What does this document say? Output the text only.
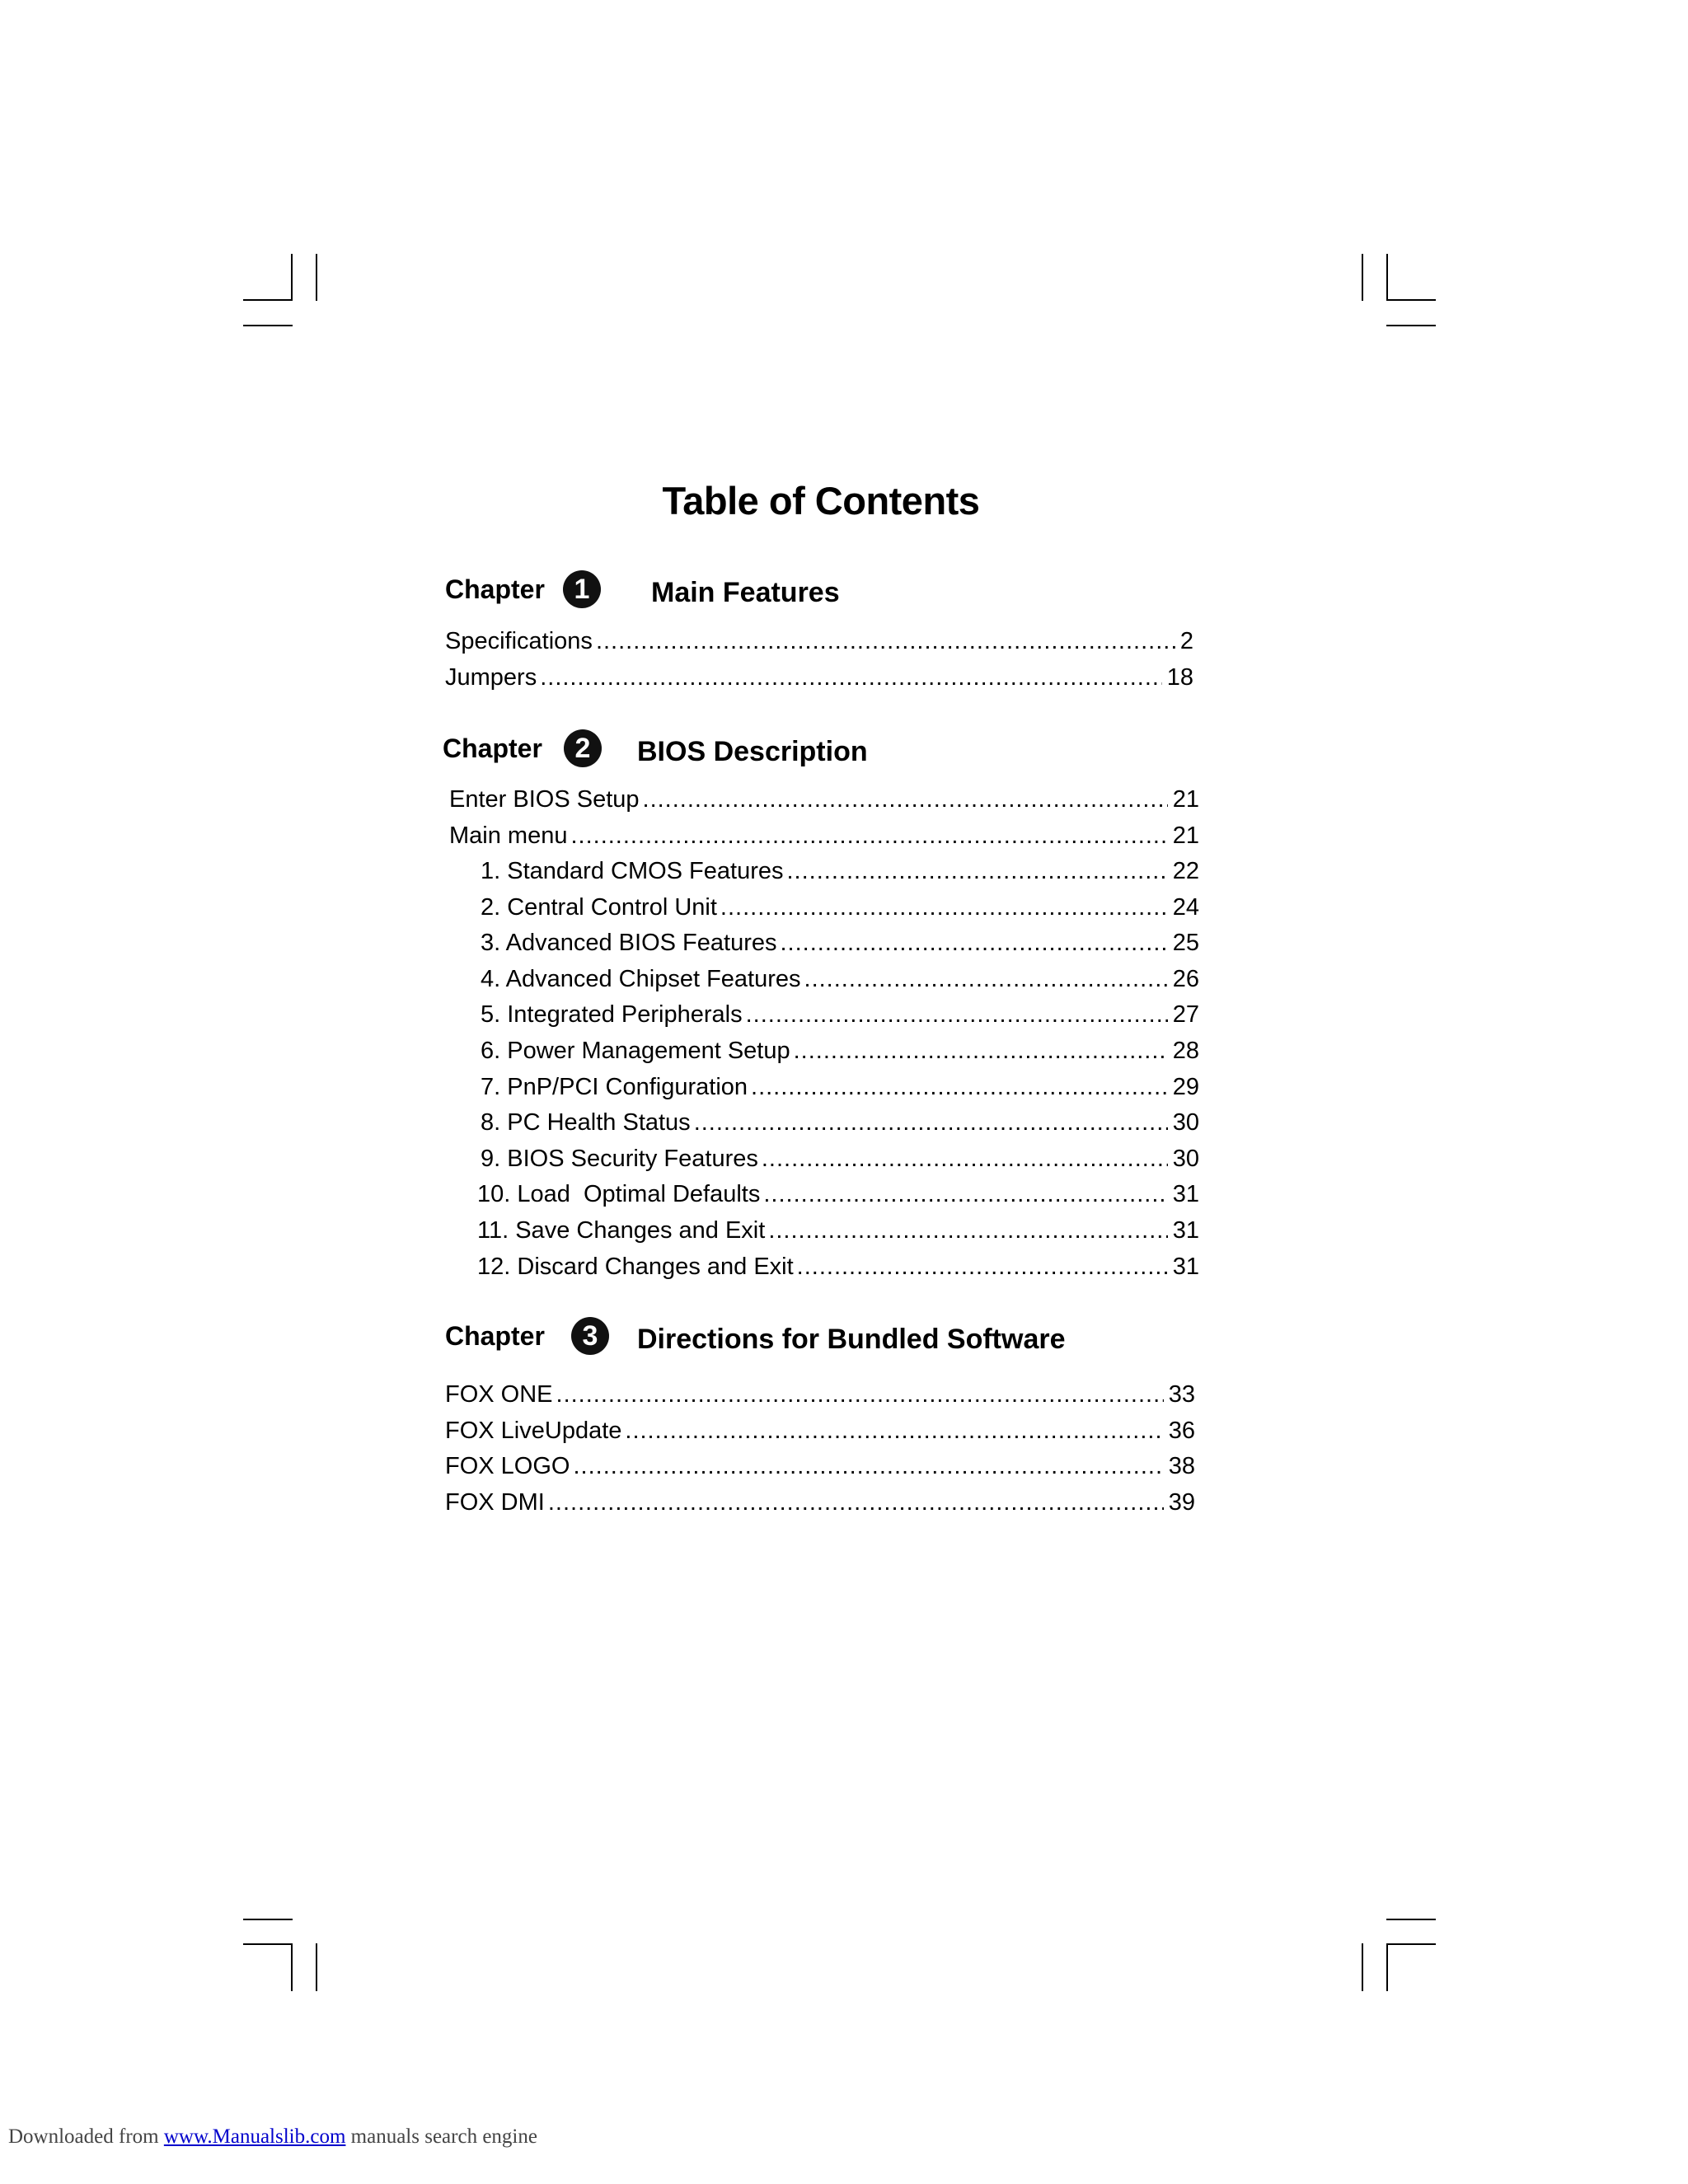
Table of Contents
Chapter	1	Main Features
Specifications .....	2
Jumpers .....	18
Chapter	2	BIOS Description
Enter BIOS Setup .....	21
Main menu .....	21
1. Standard CMOS Features .....	22
2. Central Control Unit .....	24
3. Advanced BIOS Features .....	25
4. Advanced Chipset Features .....	26
5. Integrated Peripherals .....	27
6. Power Management Setup .....	28
7. PnP/PCI Configuration .....	29
8. PC Health Status .....	30
9. BIOS Security Features .....	30
10. Load  Optimal Defaults .....	31
11. Save Changes and Exit .....	31
12. Discard Changes and Exit .....	31
Chapter	3	Directions for Bundled Software
FOX ONE .....	33
FOX LiveUpdate .....	36
FOX LOGO .....	38
FOX DMI .....	39
Downloaded from www.Manualslib.com manuals search engine
